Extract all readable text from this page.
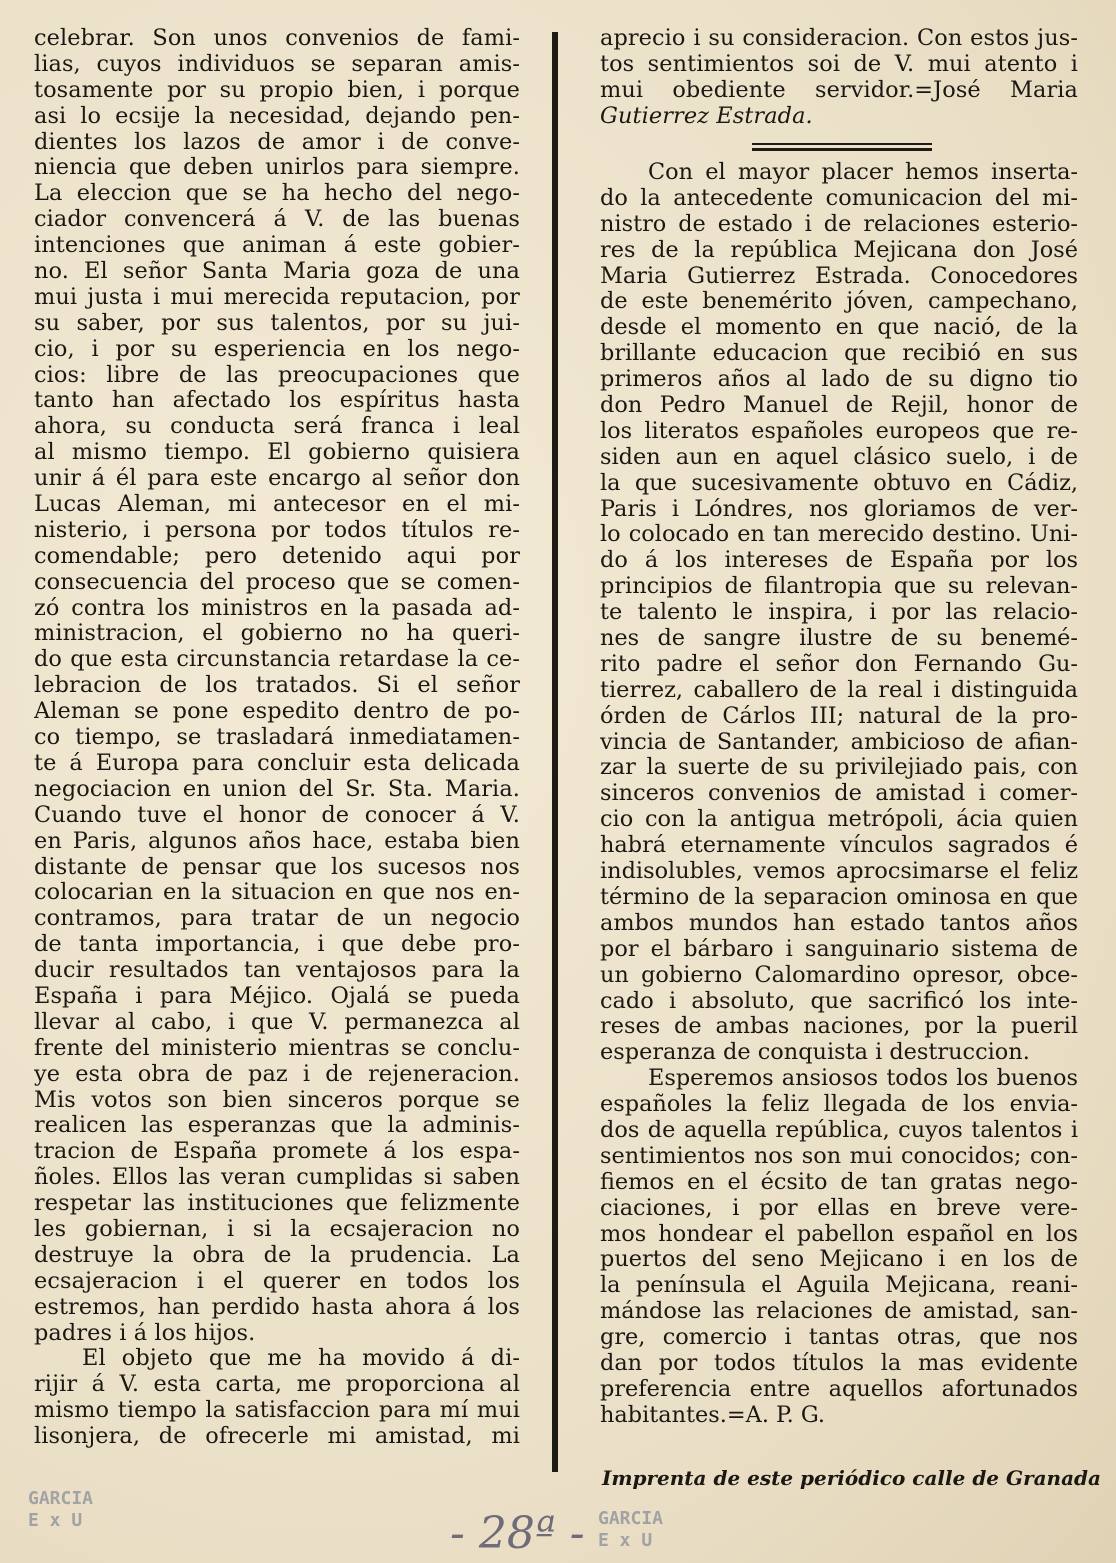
celebrar. Son unos convenios de fami-
lias, cuyos individuos se separan amis-
tosamente por su propio bien, i porque
asi lo ecsije la necesidad, dejando pen-
dientes los lazos de amor i de conve-
niencia que deben unirlos para siempre.
La eleccion que se ha hecho del nego-
ciador convencerá á V. de las buenas
intenciones que animan á este gobier-
no. El señor Santa Maria goza de una
mui justa i mui merecida reputacion, por
su saber, por sus talentos, por su jui-
cio, i por su esperiencia en los nego-
cios: libre de las preocupaciones que
tanto han afectado los espíritus hasta
ahora, su conducta será franca i leal
al mismo tiempo. El gobierno quisiera
unir á él para este encargo al señor don
Lucas Aleman, mi antecesor en el mi-
nisterio, i persona por todos títulos re-
comendable; pero detenido aqui por
consecuencia del proceso que se comen-
zó contra los ministros en la pasada ad-
ministracion, el gobierno no ha queri-
do que esta circunstancia retardase la ce-
lebracion de los tratados. Si el señor
Aleman se pone espedito dentro de po-
co tiempo, se trasladará inmediatamen-
te á Europa para concluir esta delicada
negociacion en union del Sr. Sta. Maria.
Cuando tuve el honor de conocer á V.
en Paris, algunos años hace, estaba bien
distante de pensar que los sucesos nos
colocarian en la situacion en que nos en-
contramos, para tratar de un negocio
de tanta importancia, i que debe pro-
ducir resultados tan ventajosos para la
España i para Méjico. Ojalá se pueda
llevar al cabo, i que V. permanezca al
frente del ministerio mientras se conclu-
ye esta obra de paz i de rejeneracion.
Mis votos son bien sinceros porque se
realicen las esperanzas que la adminis-
tracion de España promete á los espa-
ñoles. Ellos las veran cumplidas si saben
respetar las instituciones que felizmente
les gobiernan, i si la ecsajeracion no
destruye la obra de la prudencia. La
ecsajeracion i el querer en todos los
estremos, han perdido hasta ahora á los
padres i á los hijos.
El objeto que me ha movido á di-
rijir á V. esta carta, me proporciona al
mismo tiempo la satisfaccion para mí mui
lisonjera, de ofrecerle mi amistad, mi
aprecio i su consideracion. Con estos jus-
tos sentimientos soi de V. mui atento i
mui obediente servidor.=José Maria
Gutierrez Estrada.
Con el mayor placer hemos inserta-
do la antecedente comunicacion del mi-
nistro de estado i de relaciones esterio-
res de la república Mejicana don José
Maria Gutierrez Estrada. Conocedores
de este benemérito jóven, campechano,
desde el momento en que nació, de la
brillante educacion que recibió en sus
primeros años al lado de su digno tio
don Pedro Manuel de Rejil, honor de
los literatos españoles europeos que re-
siden aun en aquel clásico suelo, i de
la que sucesivamente obtuvo en Cádiz,
Paris i Lóndres, nos gloriamos de ver-
lo colocado en tan merecido destino. Uni-
do á los intereses de España por los
principios de filantropia que su relevan-
te talento le inspira, i por las relacio-
nes de sangre ilustre de su benemé-
rito padre el señor don Fernando Gu-
tierrez, caballero de la real i distinguida
órden de Cárlos III; natural de la pro-
vincia de Santander, ambicioso de afian-
zar la suerte de su privilejiado pais, con
sinceros convenios de amistad i comer-
cio con la antigua metrópoli, ácia quien
habrá eternamente vínculos sagrados é
indisolubles, vemos aprocsimarse el feliz
término de la separacion ominosa en que
ambos mundos han estado tantos años
por el bárbaro i sanguinario sistema de
un gobierno Calomardino opresor, obce-
cado i absoluto, que sacrificó los inte-
reses de ambas naciones, por la pueril
esperanza de conquista i destruccion.
Esperemos ansiosos todos los buenos
españoles la feliz llegada de los envia-
dos de aquella república, cuyos talentos i
sentimientos nos son mui conocidos; con-
fiemos en el écsito de tan gratas nego-
ciaciones, i por ellas en breve vere-
mos hondear el pabellon español en los
puertos del seno Mejicano i en los de
la península el Aguila Mejicana, reani-
mándose las relaciones de amistad, san-
gre, comercio i tantas otras, que nos
dan por todos títulos la mas evidente
preferencia entre aquellos afortunados
habitantes.=A. P. G.
Imprenta de este periódico calle de Granada
GARCIA
E x U	GARCIA
E x U
- 28ª -
